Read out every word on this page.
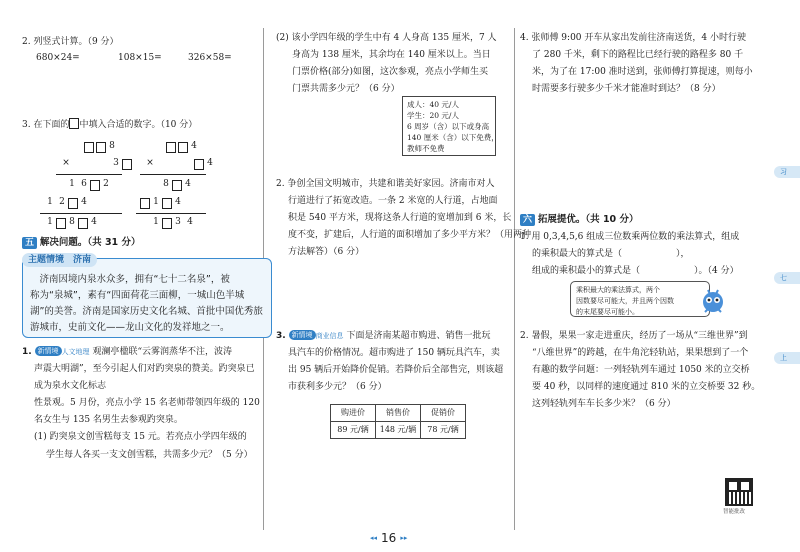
2. 列竖式计算。（9 分）
680×24=	108×15=	326×58=
3. 在下面的 中填入合适的数字。（10 分）
8
×	3
1 6	2
1 2	4
1	8	4
4
×	4
8	4
1	4
1	3 4
五 解决问题。（共 31 分）
主题情境　 济南
济南因境内泉水众多，拥有“七十二名泉”，被
称为“泉城”，素有“四面荷花三面柳，一城山色半城
湖”的美誉。济南是国家历史文化名城、首批中国优秀旅
游城市，史前文化——龙山文化的发祥地之一。
1. 新情境 人文地理 观澜亭楹联“云雾润蒸华不注，波涛
声震大明湖”，至今引起人们对趵突泉的赞美。趵突泉已成为泉水文化标志
性景观。5 月份，亮点小学 15 名老师带领四年级的 120
名女生与 135 名男生去参观趵突泉。
(1) 趵突泉文创雪糕每支 15 元。若亮点小学四年级的
学生每人各买一支文创雪糕，共需多少元？（5 分）
(2) 该小学四年级的学生中有 4 人身高 135 厘米，7 人
身高为 138 厘米，其余均在 140 厘米以上。当日
门票价格(部分)如图，这次参观，亮点小学师生买
门票共需多少元？（6 分）
成人：40 元/人
学生：20 元/人
6 周岁（含）以下或身高
140 厘米（含）以下免费，
教师不免费
2. 争创全国文明城市，共建和谐美好家园。济南市对人
行道进行了拓宽改造。一条 2 米宽的人行道，占地面
积是 540 平方米，现将这条人行道的宽增加到 6 米，长
度不变，扩建后，人行道的面积增加了多少平方米？（用两种
方法解答）（6 分）
3. 新情境 商业信息 下面是济南某超市购进、销售一批玩
具汽车的价格情况。超市购进了 150 辆玩具汽车，卖
出 95 辆后开始降价促销。若降价后全部售完，则该超
市获利多少元？（6 分）
购进价	销售价	促销价
89 元/辆	148 元/辆	78 元/辆
4. 张师傅 9:00 开车从家出发前往济南送货，4 小时行驶
了 280 千米，剩下的路程比已经行驶的路程多 80 千
米，为了在 17:00 准时送到，张师傅打算提速，则每小
时需要多行驶多少千米才能准时到达？（8 分）
六 拓展提优。（共 10 分）
1. 用 0,3,4,5,6 组成三位数乘两位数的乘法算式，组成
的乘积最大的算式是（　　　　　　），
组成的乘积最小的算式是（　　　　　　）。（4 分）
乘积最大的乘法算式，两个
因数要尽可能大，并且两个因数
的末尾要尽可能小。
2. 暑假，果果一家走进重庆，经历了一场从“三维世界”到
“八维世界”的跨越，在牛角沱轻轨站，果果想到了一个
有趣的数学问题：一列轻轨列车通过 1050 米的立交桥
要 40 秒，以同样的速度通过 810 米的立交桥要 32 秒。
这列轻轨列车车长多少米？（6 分）
智能批改
习
七
上
◂◂ 16 ▸▸
